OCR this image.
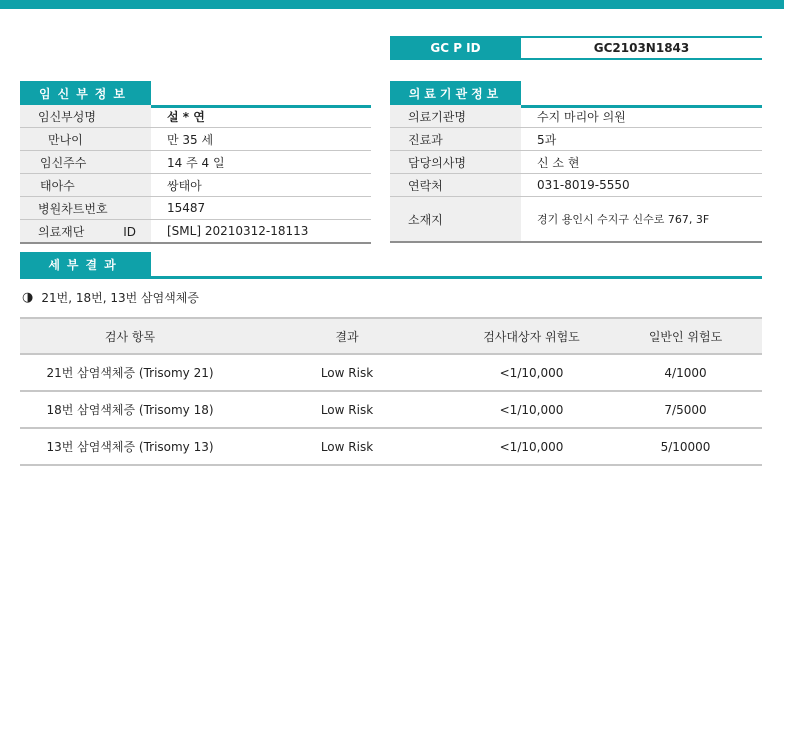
GC P ID	GC2103N1843
임신부정보
임신부성명	설 * 연
만나이	만 35 세
임신주수	14 주 4 일
태아수	쌍태아
병원차트번호	15487
의료재단 ID	[SML] 20210312-18113
의료기관정보
의료기관명	수지 마리아 의원
진료과	5과
담당의사명	신 소 현
연락처	031-8019-5550
소재지	경기 용인시 수지구 신수로 767, 3F
세부결과
◑ 21번, 18번, 13번 삼염색체증
검사 항목	결과	검사대상자 위험도	일반인 위험도
21번 삼염색체증 (Trisomy 21)	Low Risk	<1/10,000	4/1000
18번 삼염색체증 (Trisomy 18)	Low Risk	<1/10,000	7/5000
13번 삼염색체증 (Trisomy 13)	Low Risk	<1/10,000	5/10000
